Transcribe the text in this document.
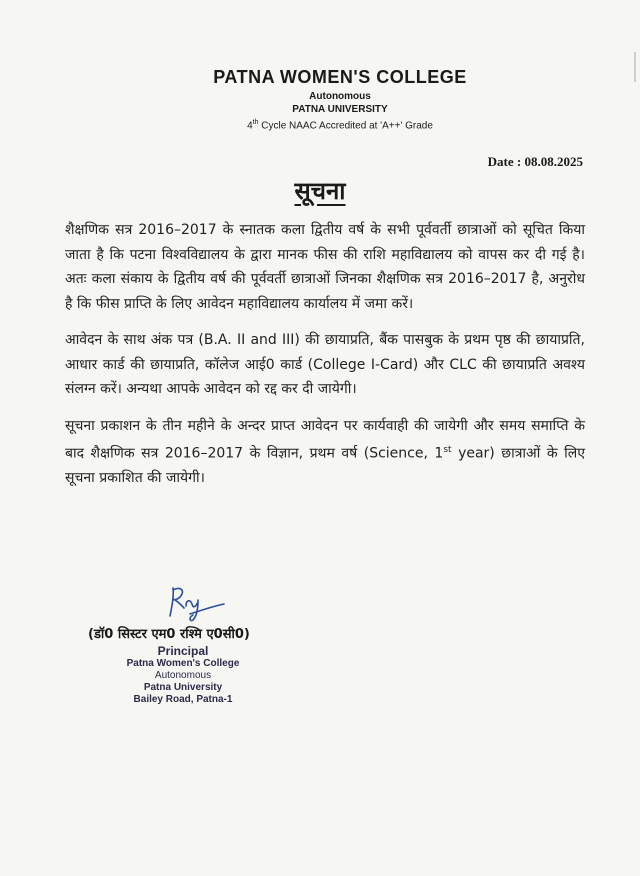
PATNA WOMEN'S COLLEGE
Autonomous
PATNA UNIVERSITY
4th Cycle NAAC Accredited at 'A++' Grade
Date : 08.08.2025
सूचना

शैक्षणिक सत्र 2016–2017 के स्नातक कला द्वितीय वर्ष के सभी पूर्ववर्ती छात्राओं को सूचित किया जाता है कि पटना विश्वविद्यालय के द्वारा मानक फीस की राशि महाविद्यालय को वापस कर दी गई है। अतः कला संकाय के द्वितीय वर्ष की पूर्ववर्ती छात्राओं जिनका शैक्षणिक सत्र 2016–2017 है, अनुरोध है कि फीस प्राप्ति के लिए आवेदन महाविद्यालय कार्यालय में जमा करें।

आवेदन के साथ अंक पत्र (B.A. II and III) की छायाप्रति, बैंक पासबुक के प्रथम पृष्ठ की छायाप्रति, आधार कार्ड की छायाप्रति, कॉलेज आई0 कार्ड (College I-Card) और CLC की छायाप्रति अवश्य संलग्न करें। अन्यथा आपके आवेदन को रद्द कर दी जायेगी।

सूचना प्रकाशन के तीन महीने के अन्दर प्राप्त आवेदन पर कार्यवाही की जायेगी और समय समाप्ति के बाद शैक्षणिक सत्र 2016–2017 के विज्ञान, प्रथम वर्ष (Science, 1st year) छात्राओं के लिए सूचना प्रकाशित की जायेगी।

(डॉ0 सिस्टर एम0 रश्मि ए0सी0)
Principal
Patna Women's College
Autonomous
Patna University
Bailey Road, Patna-1
